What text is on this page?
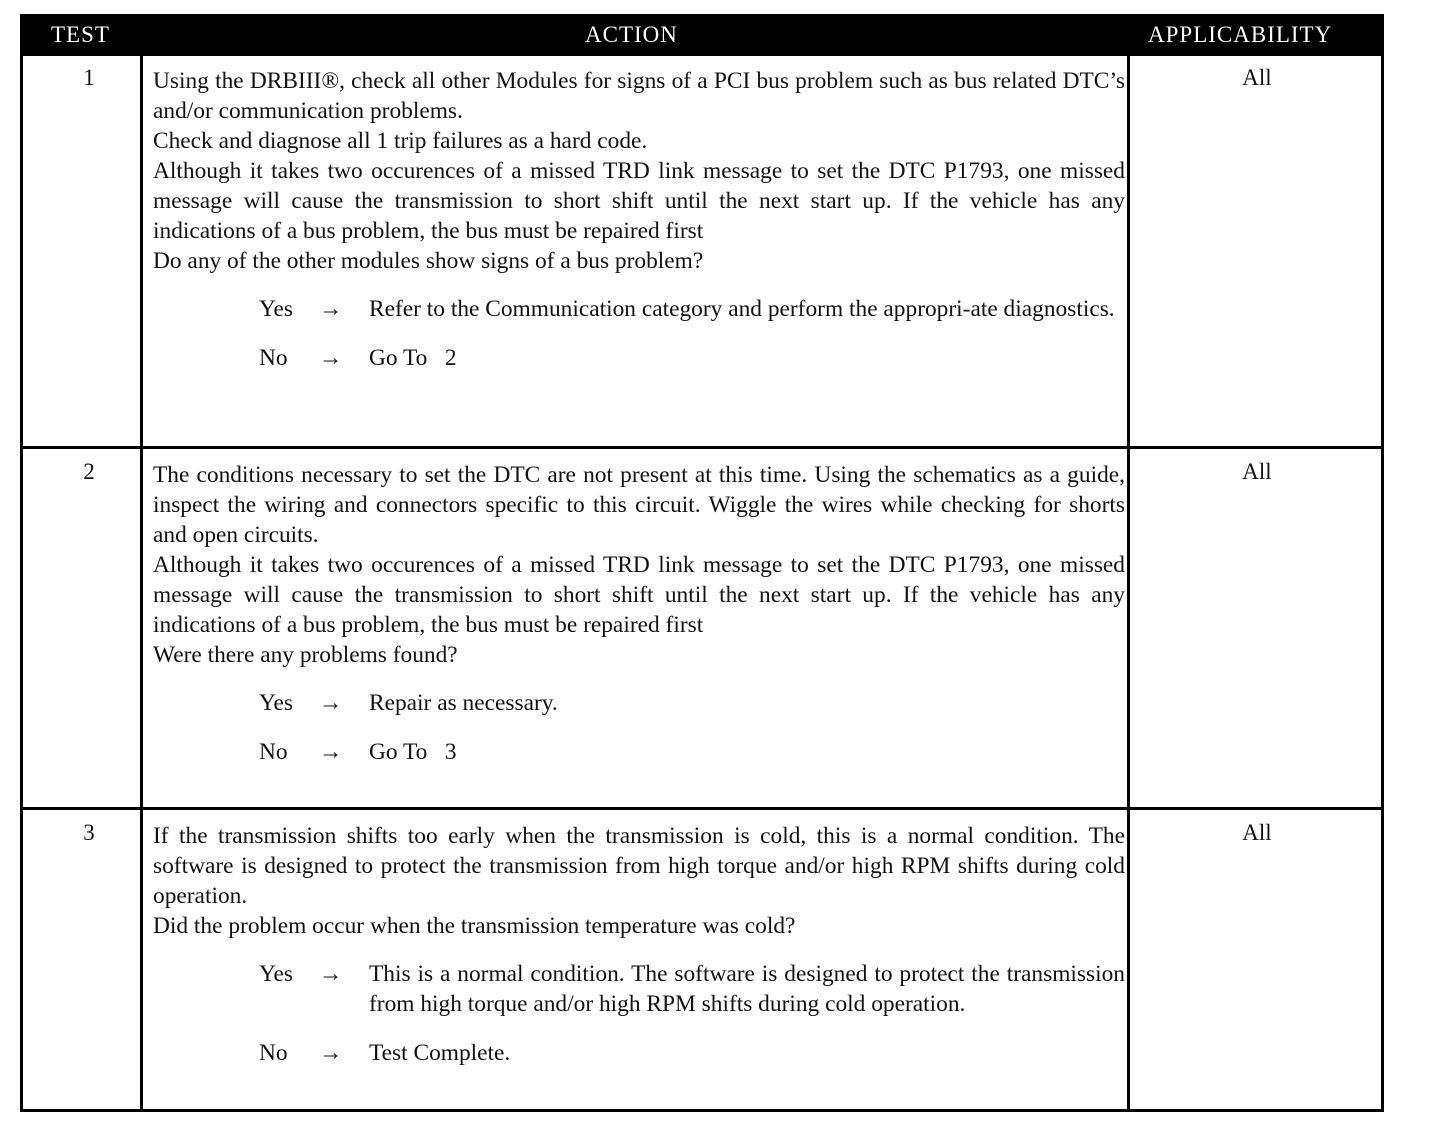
TEST	ACTION	APPLICABILITY
1 Using the DRBIII®, check all other Modules for signs of a PCI bus problem such as bus related DTC’s and/or communication problems.

Check and diagnose all 1 trip failures as a hard code.

Although it takes two occurences of a missed TRD link message to set the DTC P1793, one missed message will cause the transmission to short shift until the next start up. If the vehicle has any indications of a bus problem, the bus must be repaired first

Do any of the other modules show signs of a bus problem?

Yes	→	Refer to the Communication category and perform the appropri-ate diagnostics.
No	→	Go To   2
All
2 The conditions necessary to set the DTC are not present at this time. Using the schematics as a guide, inspect the wiring and connectors specific to this circuit. Wiggle the wires while checking for shorts and open circuits.

Although it takes two occurences of a missed TRD link message to set the DTC P1793, one missed message will cause the transmission to short shift until the next start up. If the vehicle has any indications of a bus problem, the bus must be repaired first

Were there any problems found?

Yes	→	Repair as necessary.
No	→	Go To   3
All
3 If the transmission shifts too early when the transmission is cold, this is a normal condition. The software is designed to protect the transmission from high torque and/or high RPM shifts during cold operation.

Did the problem occur when the transmission temperature was cold?

Yes	→	This is a normal condition. The software is designed to protect the transmission from high torque and/or high RPM shifts during cold operation.
No	→	Test Complete.
All
